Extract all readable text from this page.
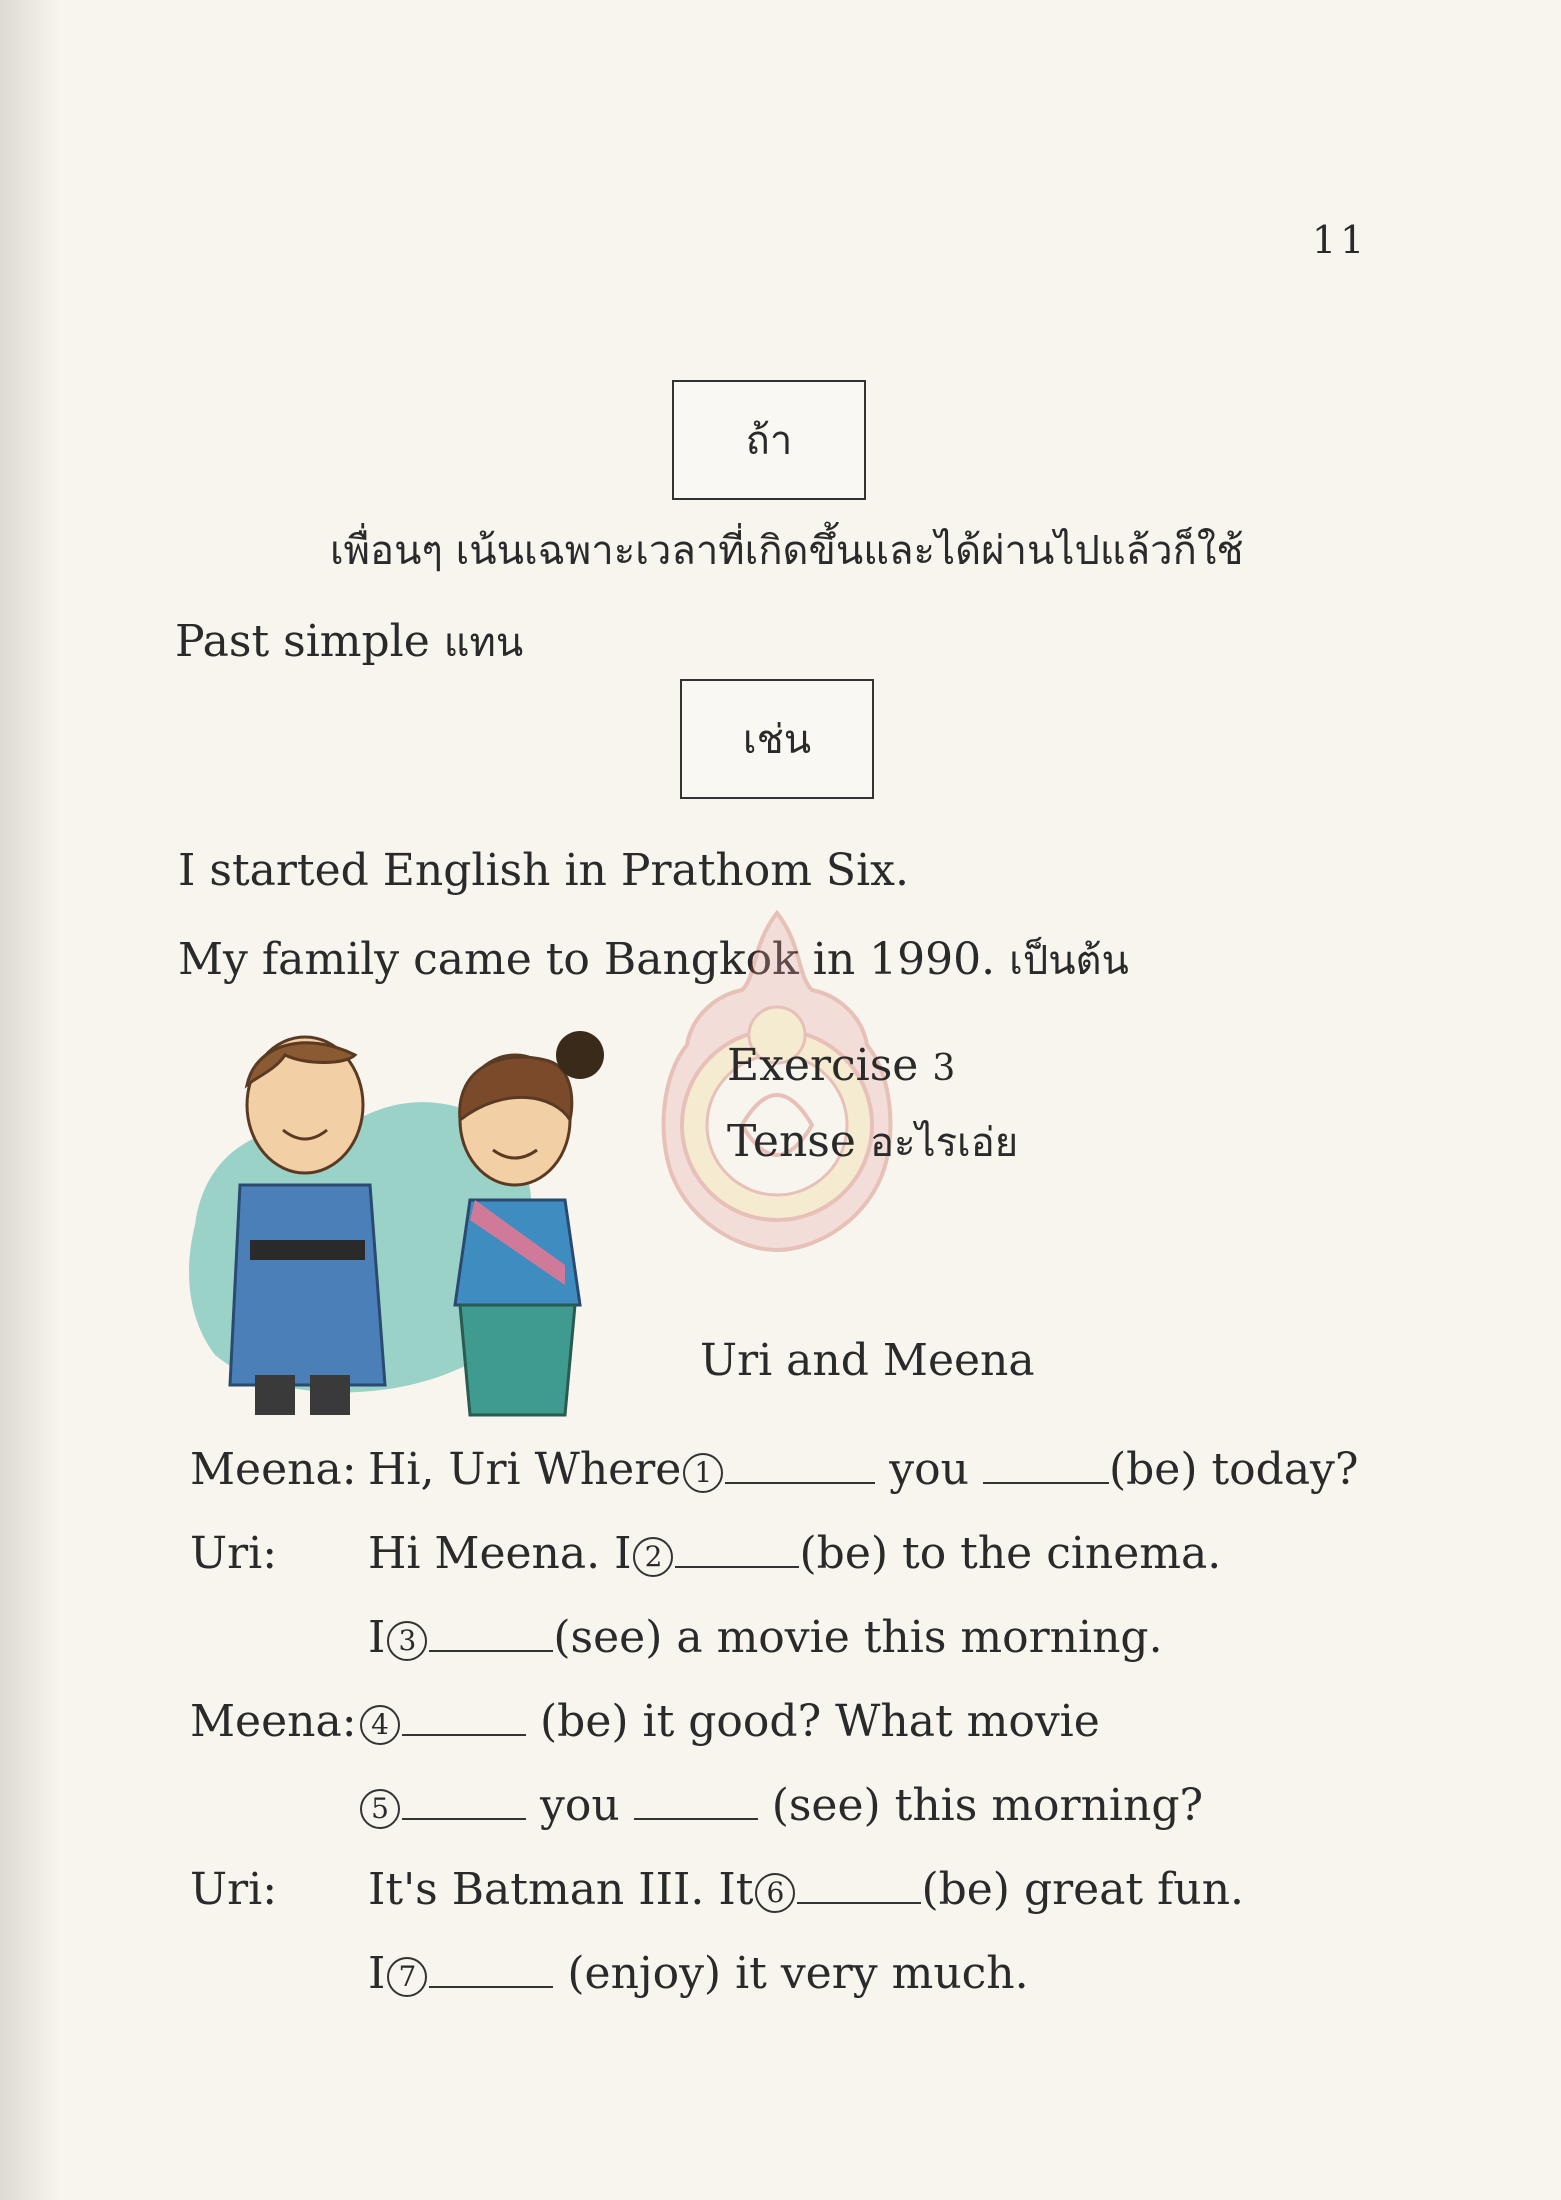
11
ถ้า
เพื่อนๆ เน้นเฉพาะเวลาที่เกิดขึ้นและได้ผ่านไปแล้วก็ใช้
Past simple แทน
เช่น
I started English in Prathom Six.
My family came to Bangkok in 1990. เป็นต้น
Exercise 3
Tense อะไรเอ่ย
Uri and Meena
Meena: Hi, Uri Where 1	you	(be) today?
Uri: Hi Meena. I 2	(be) to the cinema.
I 3	(see) a movie this morning.
Meena: 4	(be) it good? What movie
5	you	(see) this morning?
Uri: It's Batman III. It 6	(be) great fun.
I 7	(enjoy) it very much.
